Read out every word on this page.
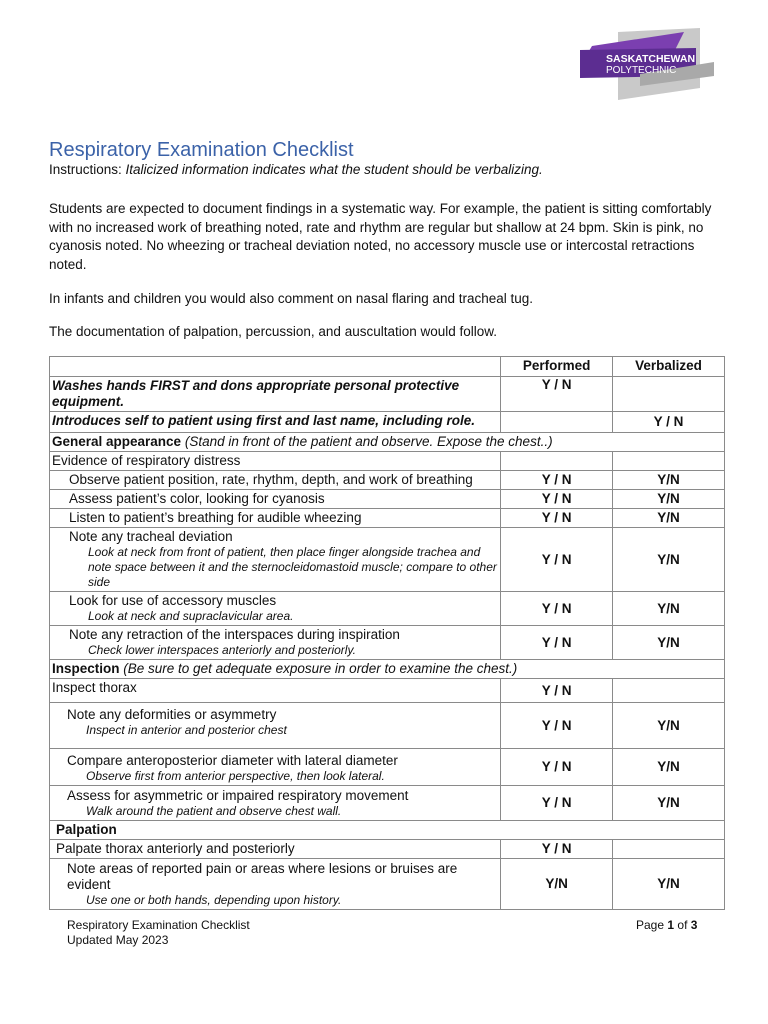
SASKATCHEWAN
POLYTECHNIC
Respiratory Examination Checklist
Instructions: Italicized information indicates what the student should be verbalizing.

Students are expected to document findings in a systematic way. For example, the patient is sitting comfortably with no increased work of breathing noted, rate and rhythm are regular but shallow at 24 bpm. Skin is pink, no cyanosis noted. No wheezing or tracheal deviation noted, no accessory muscle use or intercostal retractions noted.

In infants and children you would also comment on nasal flaring and tracheal tug.

The documentation of palpation, percussion, and auscultation would follow.

	Performed	Verbalized
Washes hands FIRST and dons appropriate personal protective equipment.	Y / N	
Introduces self to patient using first and last name, including role.		Y / N
General appearance (Stand in front of the patient and observe. Expose the chest..)		
Evidence of respiratory distress		

Observe patient position, rate, rhythm, depth, and work of breathing	Y / N	Y/N

Assess patient’s color, looking for cyanosis	Y / N	Y/N

Listen to patient’s breathing for audible wheezing	Y / N	Y/N

Note any tracheal deviation
Look at neck from front of patient, then place finger alongside trachea and note space between it and the sternocleidomastoid muscle; compare to other side	Y / N	Y/N

Look for use of accessory muscles
Look at neck and supraclavicular area.	Y / N	Y/N

Note any retraction of the interspaces during inspiration
Check lower interspaces anteriorly and posteriorly.	Y / N	Y/N
Inspection (Be sure to get adequate exposure in order to examine the chest.)		
Inspect thorax	Y / N	

Note any deformities or asymmetry
Inspect in anterior and posterior chest	Y / N	Y/N

Compare anteroposterior diameter with lateral diameter
Observe first from anterior perspective, then look lateral.	Y / N	Y/N

Assess for asymmetric or impaired respiratory movement
Walk around the patient and observe chest wall.	Y / N	Y/N
Palpation		
Palpate thorax anteriorly and posteriorly	Y / N	

Note areas of reported pain or areas where lesions or bruises are evident
Use one or both hands, depending upon history.	Y/N	Y/N
Respiratory Examination Checklist
Updated May 2023
Page 1 of 3
